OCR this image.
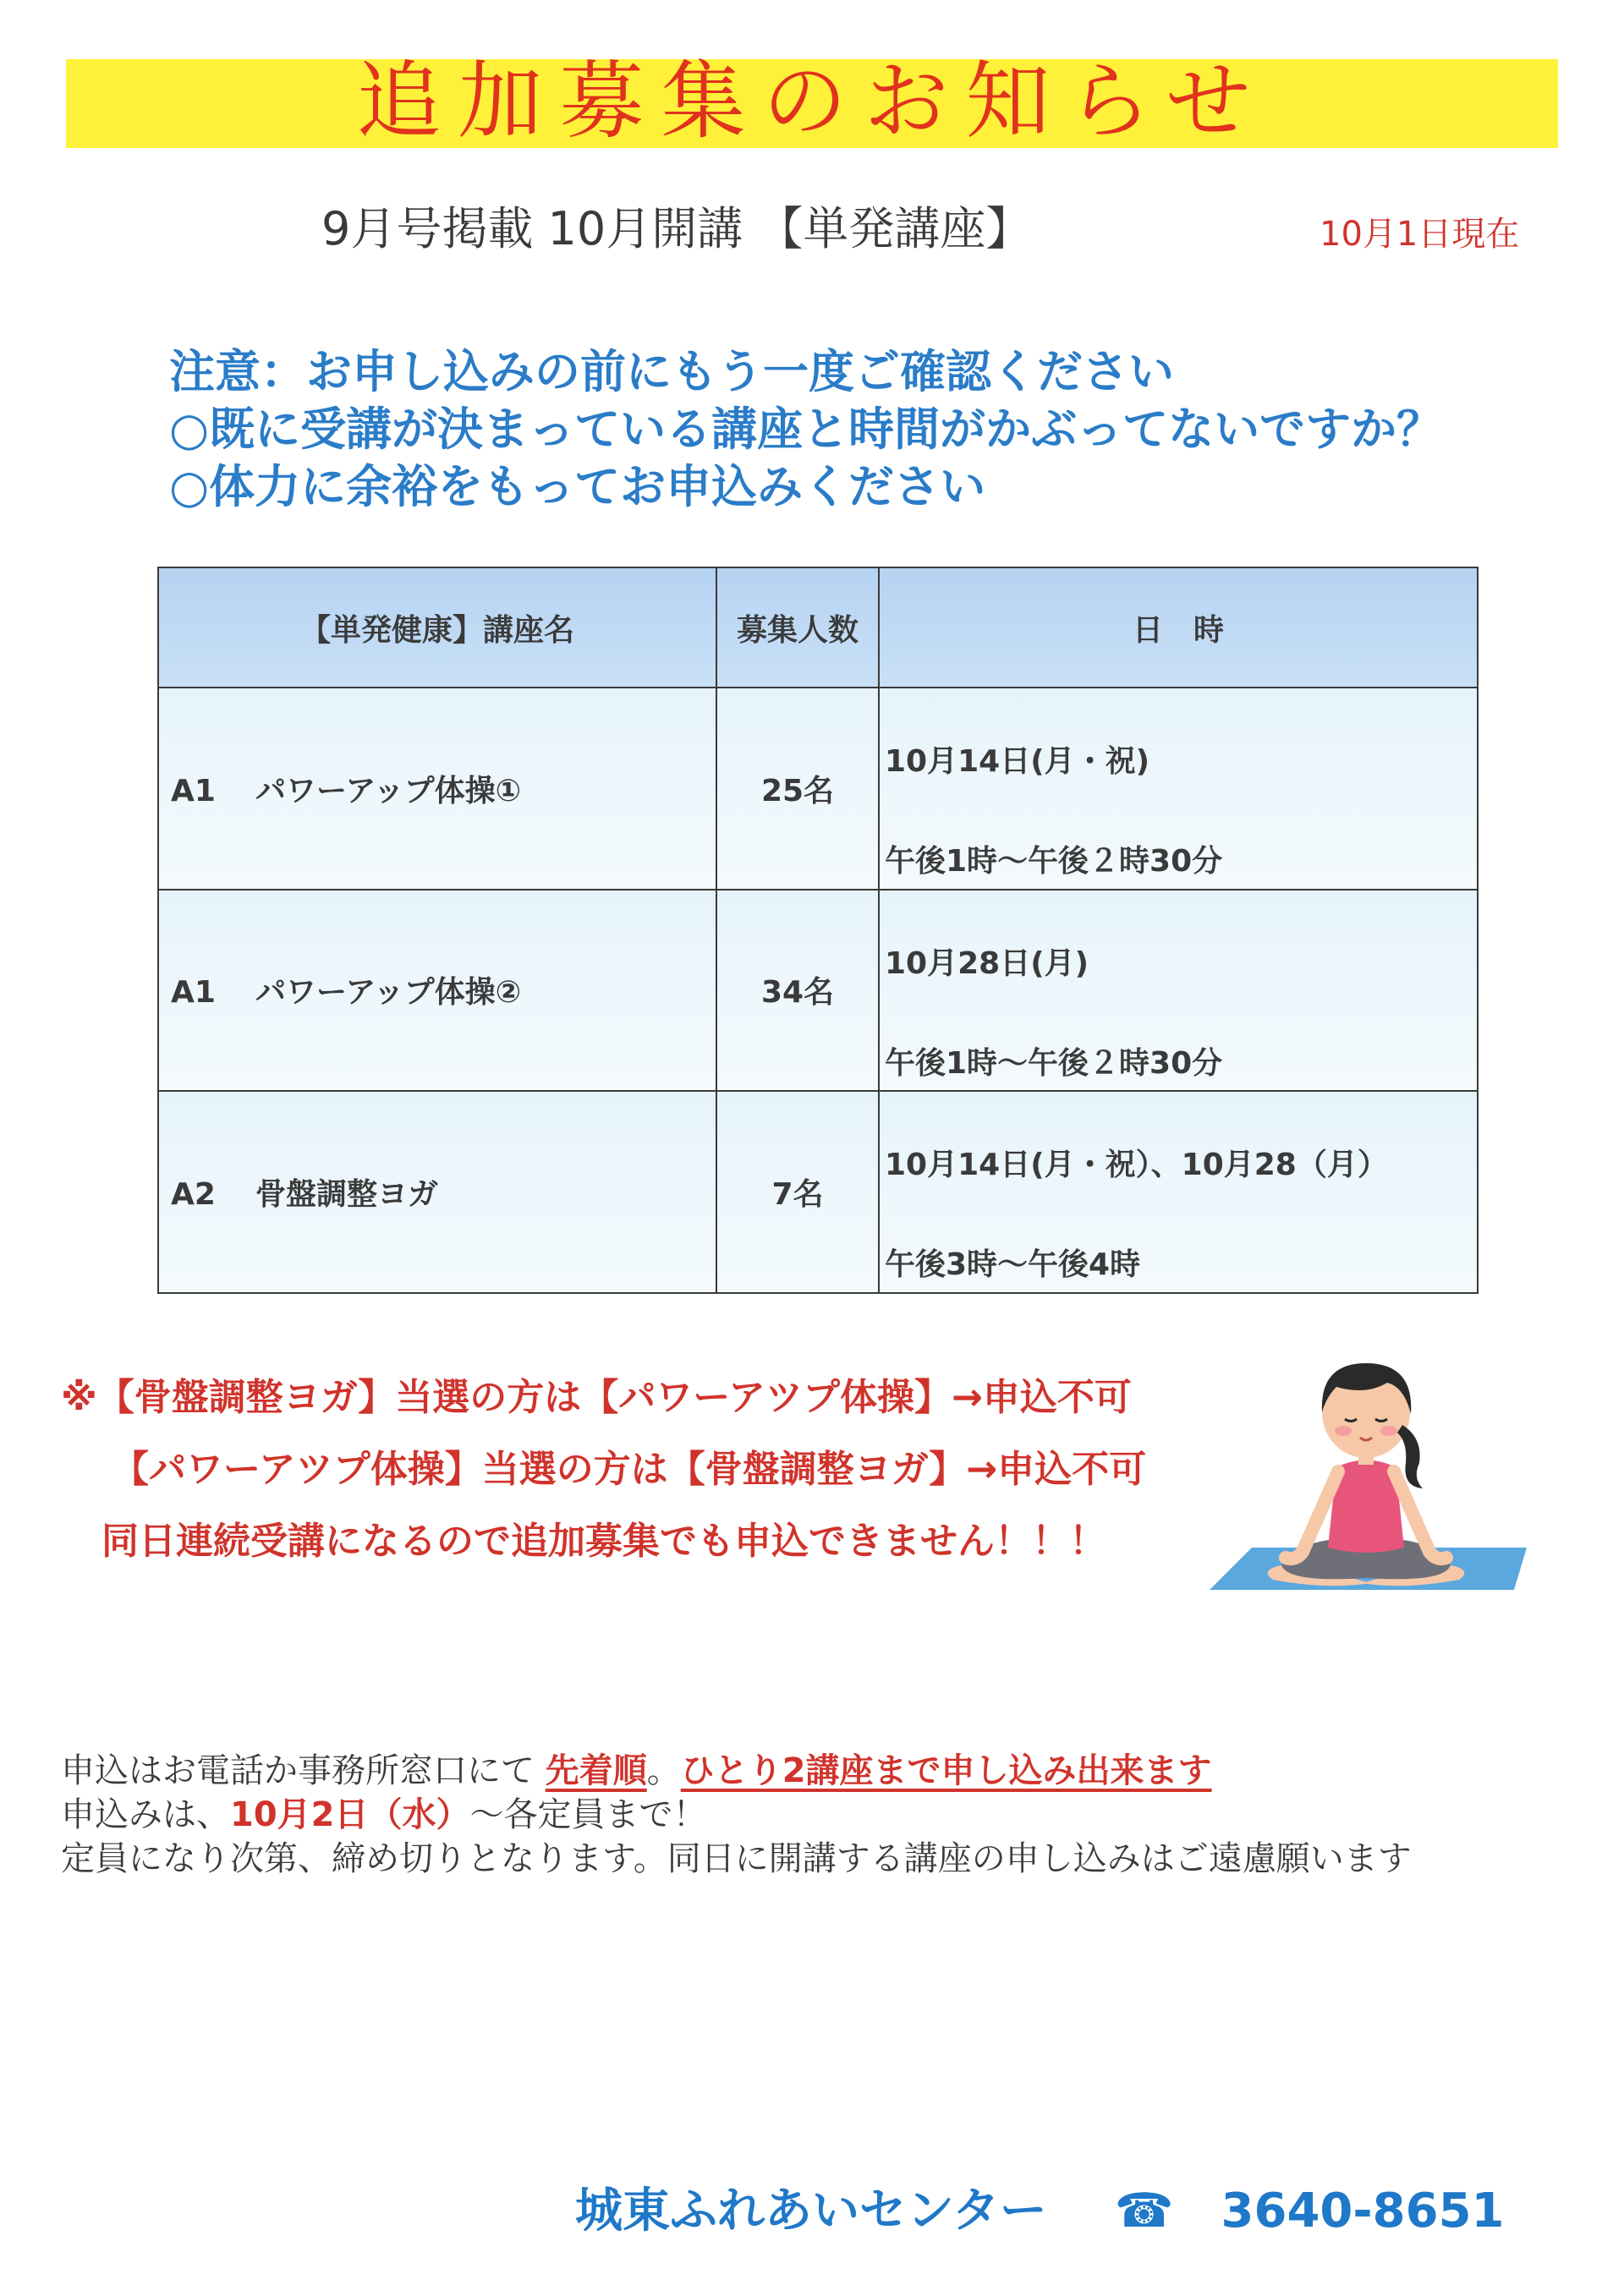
追加募集のお知らせ
9月号掲載 10月開講 【単発講座】	10月1日現在
注意：お申し込みの前にもう一度ご確認ください
○既に受講が決まっている講座と時間がかぶってないですか？
○体力に余裕をもってお申込みください
【単発健康】講座名	募集人数	日　時
A1 パワーアップ体操①	25名	10月14日(月・祝)
午後1時～午後２時30分

A1 パワーアップ体操②	34名	10月28日(月)
午後1時～午後２時30分

A2 骨盤調整ヨガ	7名	10月14日(月・祝）、10月28（月）
午後3時～午後4時
※【骨盤調整ヨガ】当選の方は【パワーアツプ体操】→申込不可
【パワーアツプ体操】当選の方は【骨盤調整ヨガ】→申込不可
同日連続受講になるので追加募集でも申込できません！！！
申込はお電話か事務所窓口にて 先着順。ひとり2講座まで申し込み出来ます
申込みは、10月2日（水）～各定員まで！
定員になり次第、締め切りとなります。同日に開講する講座の申し込みはご遠慮願います
城東ふれあいセンター ☎ 3640-8651
